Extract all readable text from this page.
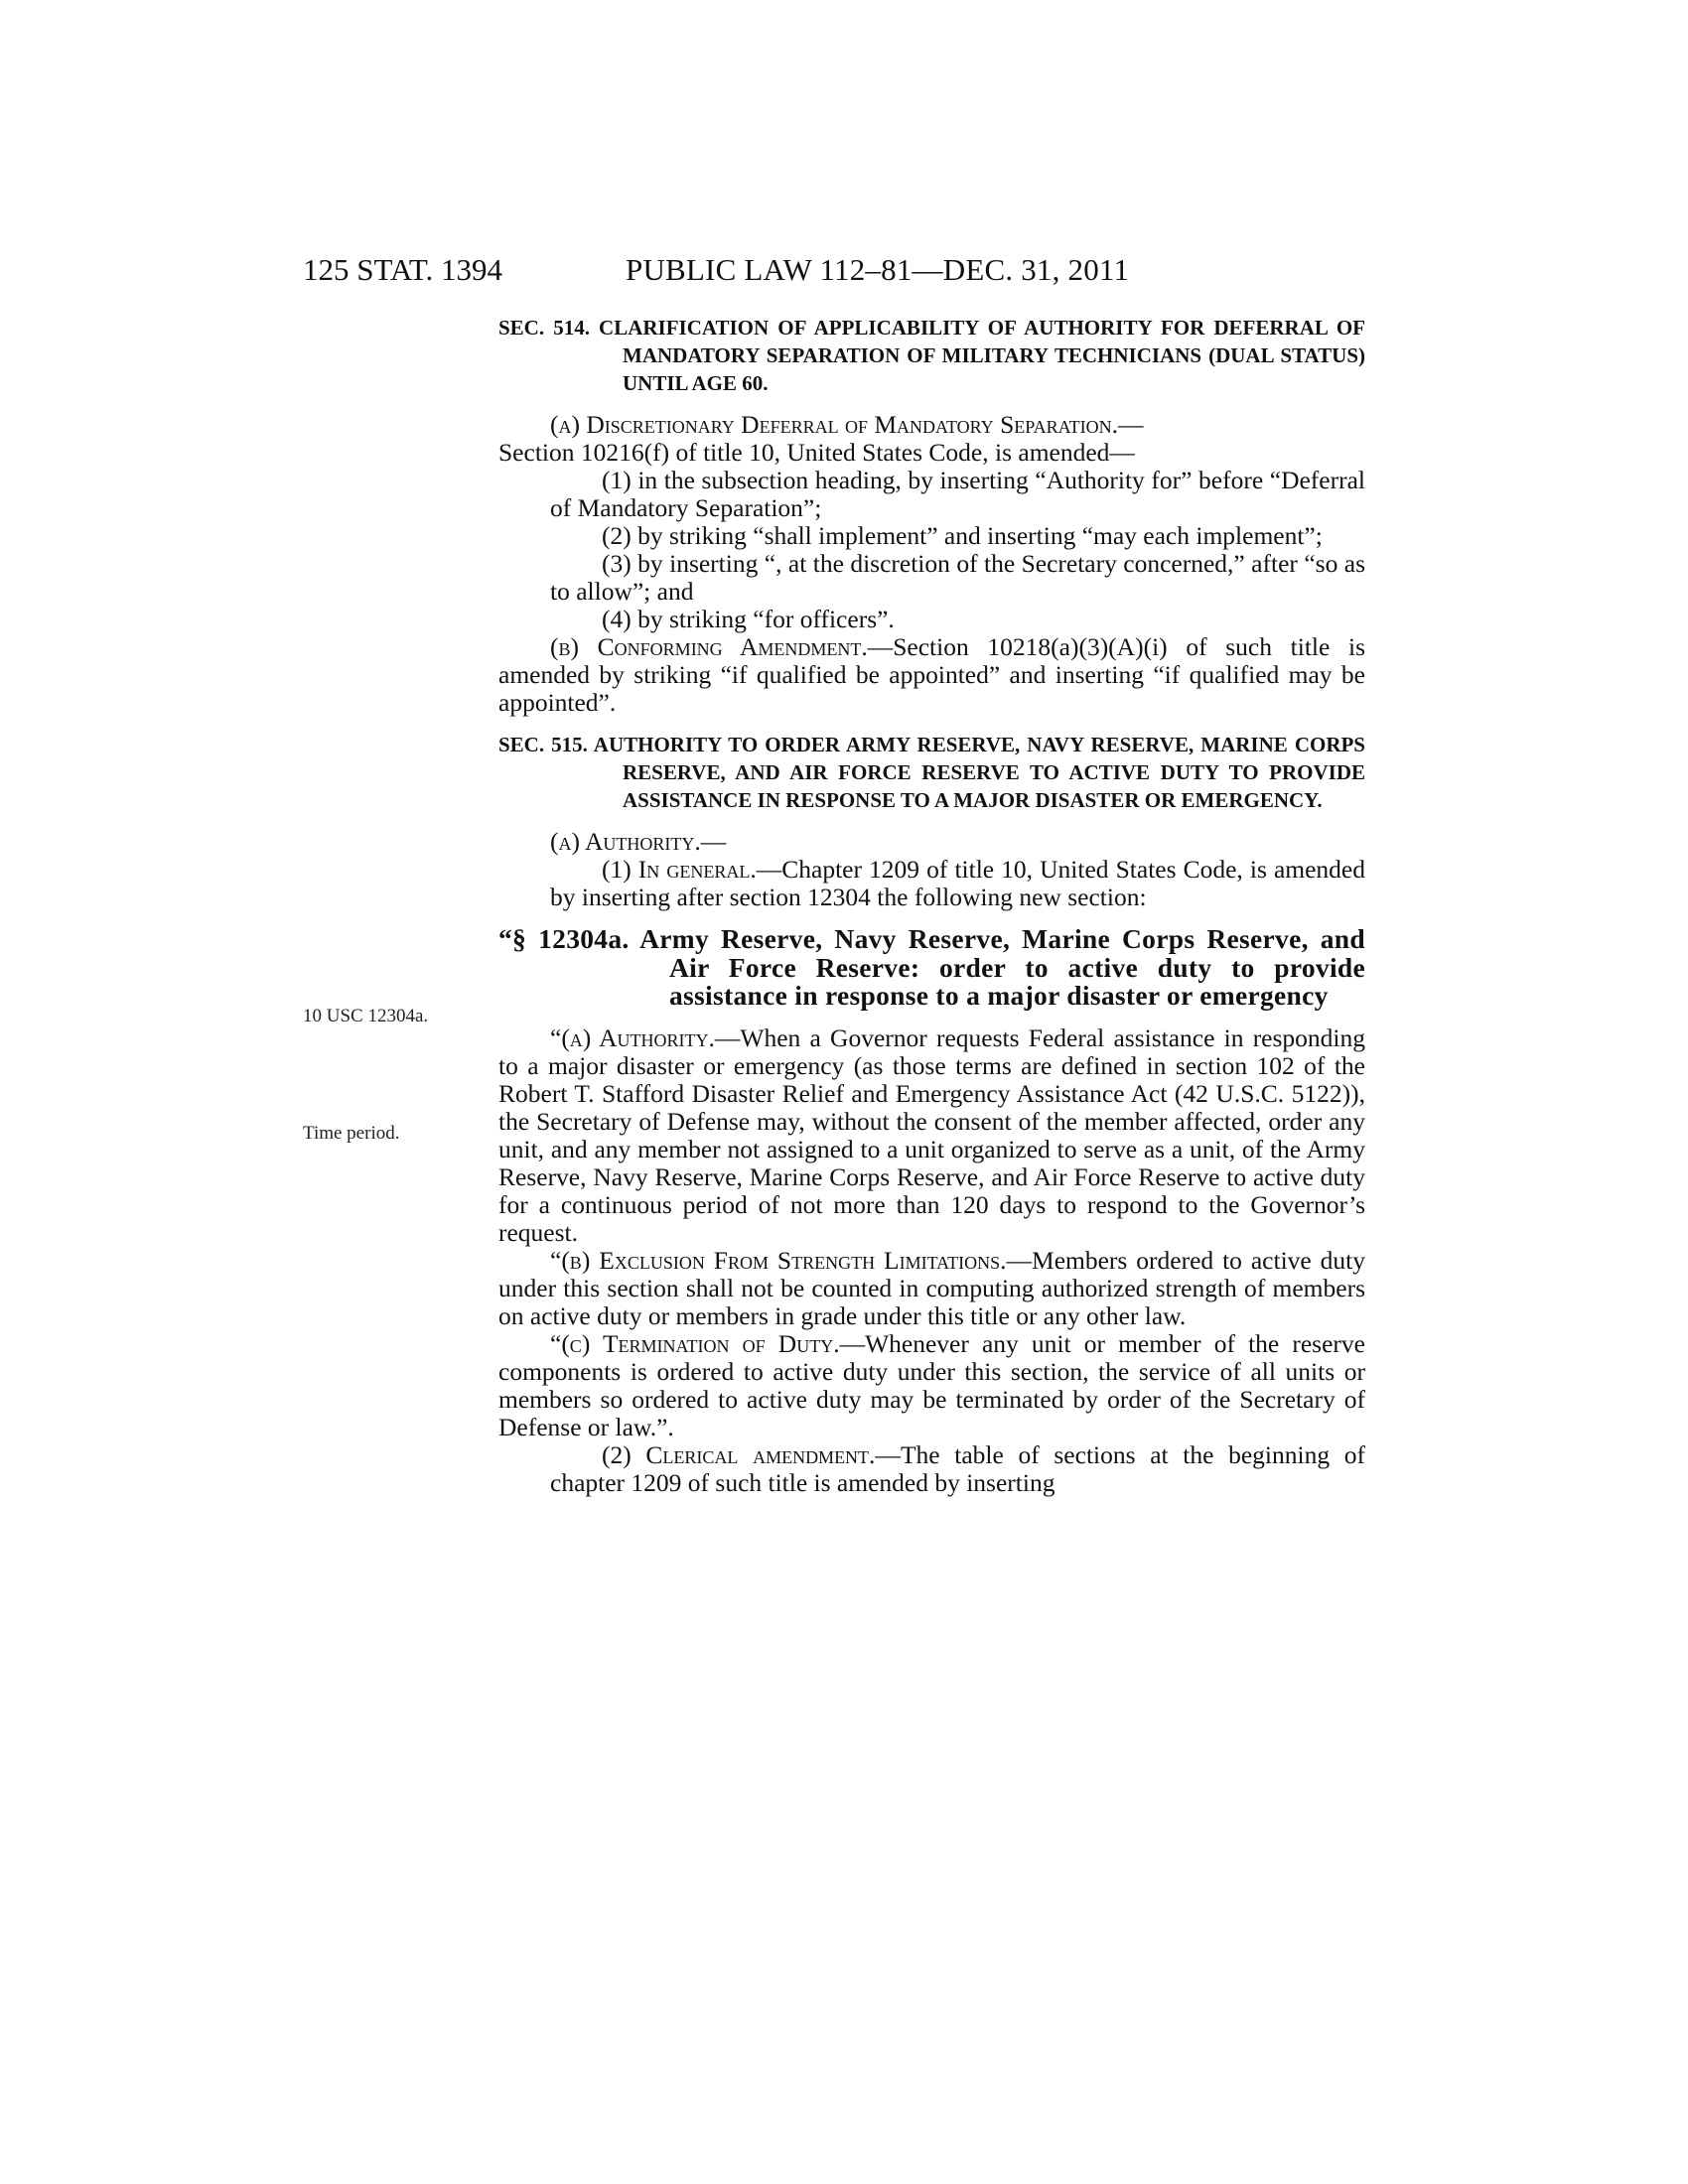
125 STAT. 1394	PUBLIC LAW 112–81—DEC. 31, 2011
10 USC 12304a.
Time period.
SEC. 514. CLARIFICATION OF APPLICABILITY OF AUTHORITY FOR DEFERRAL OF MANDATORY SEPARATION OF MILITARY TECHNICIANS (DUAL STATUS) UNTIL AGE 60.
(a) Discretionary Deferral of Mandatory Separation.—
Section 10216(f) of title 10, United States Code, is amended—
(1) in the subsection heading, by inserting “Authority for” before “Deferral of Mandatory Separation”;
(2) by striking “shall implement” and inserting “may each implement”;
(3) by inserting “, at the discretion of the Secretary concerned,” after “so as to allow”; and
(4) by striking “for officers”.
(b) Conforming Amendment.—Section 10218(a)(3)(A)(i) of such title is amended by striking “if qualified be appointed” and inserting “if qualified may be appointed”.
SEC. 515. AUTHORITY TO ORDER ARMY RESERVE, NAVY RESERVE, MARINE CORPS RESERVE, AND AIR FORCE RESERVE TO ACTIVE DUTY TO PROVIDE ASSISTANCE IN RESPONSE TO A MAJOR DISASTER OR EMERGENCY.
(a) Authority.—
(1) In general.—Chapter 1209 of title 10, United States Code, is amended by inserting after section 12304 the following new section:
“§ 12304a. Army Reserve, Navy Reserve, Marine Corps Reserve, and Air Force Reserve: order to active duty to provide assistance in response to a major disaster or emergency
“(a) Authority.—When a Governor requests Federal assistance in responding to a major disaster or emergency (as those terms are defined in section 102 of the Robert T. Stafford Disaster Relief and Emergency Assistance Act (42 U.S.C. 5122)), the Secretary of Defense may, without the consent of the member affected, order any unit, and any member not assigned to a unit organized to serve as a unit, of the Army Reserve, Navy Reserve, Marine Corps Reserve, and Air Force Reserve to active duty for a continuous period of not more than 120 days to respond to the Governor’s request.
“(b) Exclusion From Strength Limitations.—Members ordered to active duty under this section shall not be counted in computing authorized strength of members on active duty or members in grade under this title or any other law.
“(c) Termination of Duty.—Whenever any unit or member of the reserve components is ordered to active duty under this section, the service of all units or members so ordered to active duty may be terminated by order of the Secretary of Defense or law.”.
(2) Clerical amendment.—The table of sections at the beginning of chapter 1209 of such title is amended by inserting
